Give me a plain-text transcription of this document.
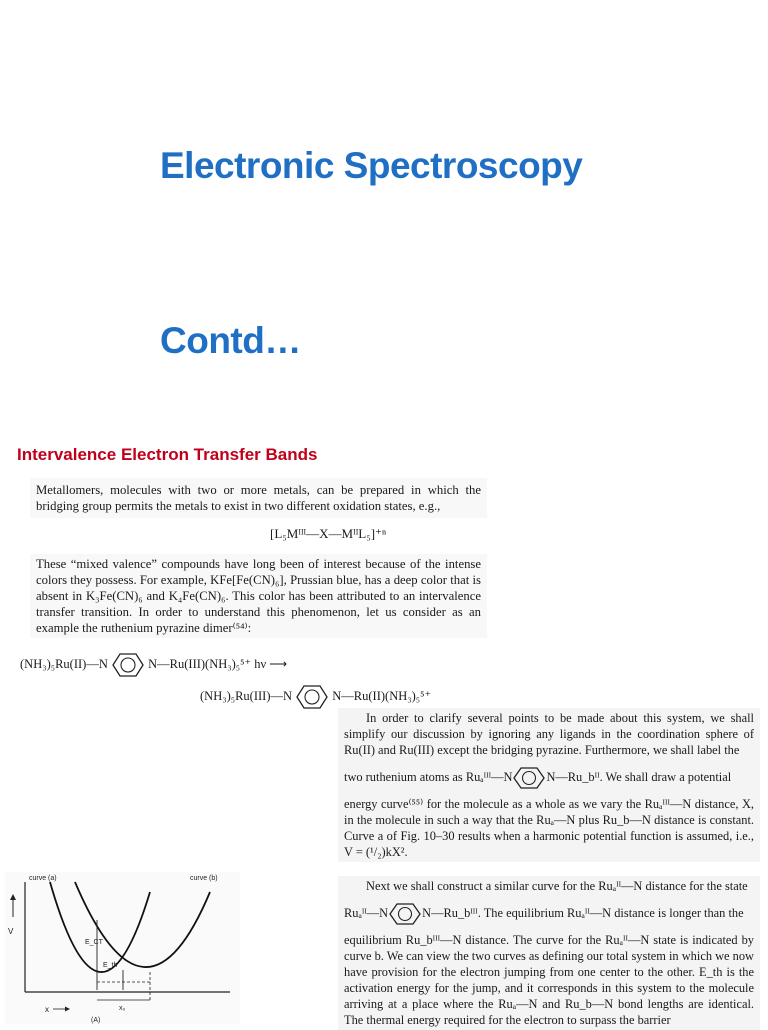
Electronic Spectroscopy
Contd…
Intervalence Electron Transfer Bands
Metallomers, molecules with two or more metals, can be prepared in which the bridging group permits the metals to exist in two different oxidation states, e.g.,
[L₅Mᴵᴵᴵ—X—MᴵᴵL₅]⁺ⁿ
These “mixed valence” compounds have long been of interest because of the intense colors they possess. For example, KFe[Fe(CN)₆], Prussian blue, has a deep color that is absent in K₃Fe(CN)₆ and K₄Fe(CN)₆. This color has been attributed to an intervalence transfer transition. In order to understand this phenomenon, let us consider as an example the ruthenium pyrazine dimer⁽⁵⁴⁾:
(NH₃)₅Ru(II)—N	N—Ru(III)(NH₃)₅⁵⁺ hν ⟶
(NH₃)₅Ru(III)—N	N—Ru(II)(NH₃)₅⁵⁺

In order to clarify several points to be made about this system, we shall simplify our discussion by ignoring any ligands in the coordination sphere of Ru(II) and Ru(III) except the bridging pyrazine. Furthermore, we shall label the

two ruthenium atoms as Ruₐᴵᴵᴵ—N	N—Ru_bᴵᴵ. We shall draw a potential

energy curve⁽⁵⁵⁾ for the molecule as a whole as we vary the Ruₐᴵᴵᴵ—N distance, X, in the molecule in such a way that the Ruₐ—N plus Ru_b—N distance is constant. Curve a of Fig. 10–30 results when a harmonic potential function is assumed, i.e., V = (¹/₂)kX².

curve (a)	curve (b)
V
x
E_CT
E_th
x₀
(A)

Next we shall construct a similar curve for the Ruₐᴵᴵ—N distance for the state

Ruₐᴵᴵ—N	N—Ru_bᴵᴵᴵ. The equilibrium Ruₐᴵᴵ—N distance is longer than the

equilibrium Ru_bᴵᴵᴵ—N distance. The curve for the Ruₐᴵᴵ—N state is indicated by curve b. We can view the two curves as defining our total system in which we now have provision for the electron jumping from one center to the other. E_th is the activation energy for the jump, and it corresponds in this system to the molecule arriving at a place where the Ruₐ—N and Ru_b—N bond lengths are identical. The thermal energy required for the electron to surpass the barrier
